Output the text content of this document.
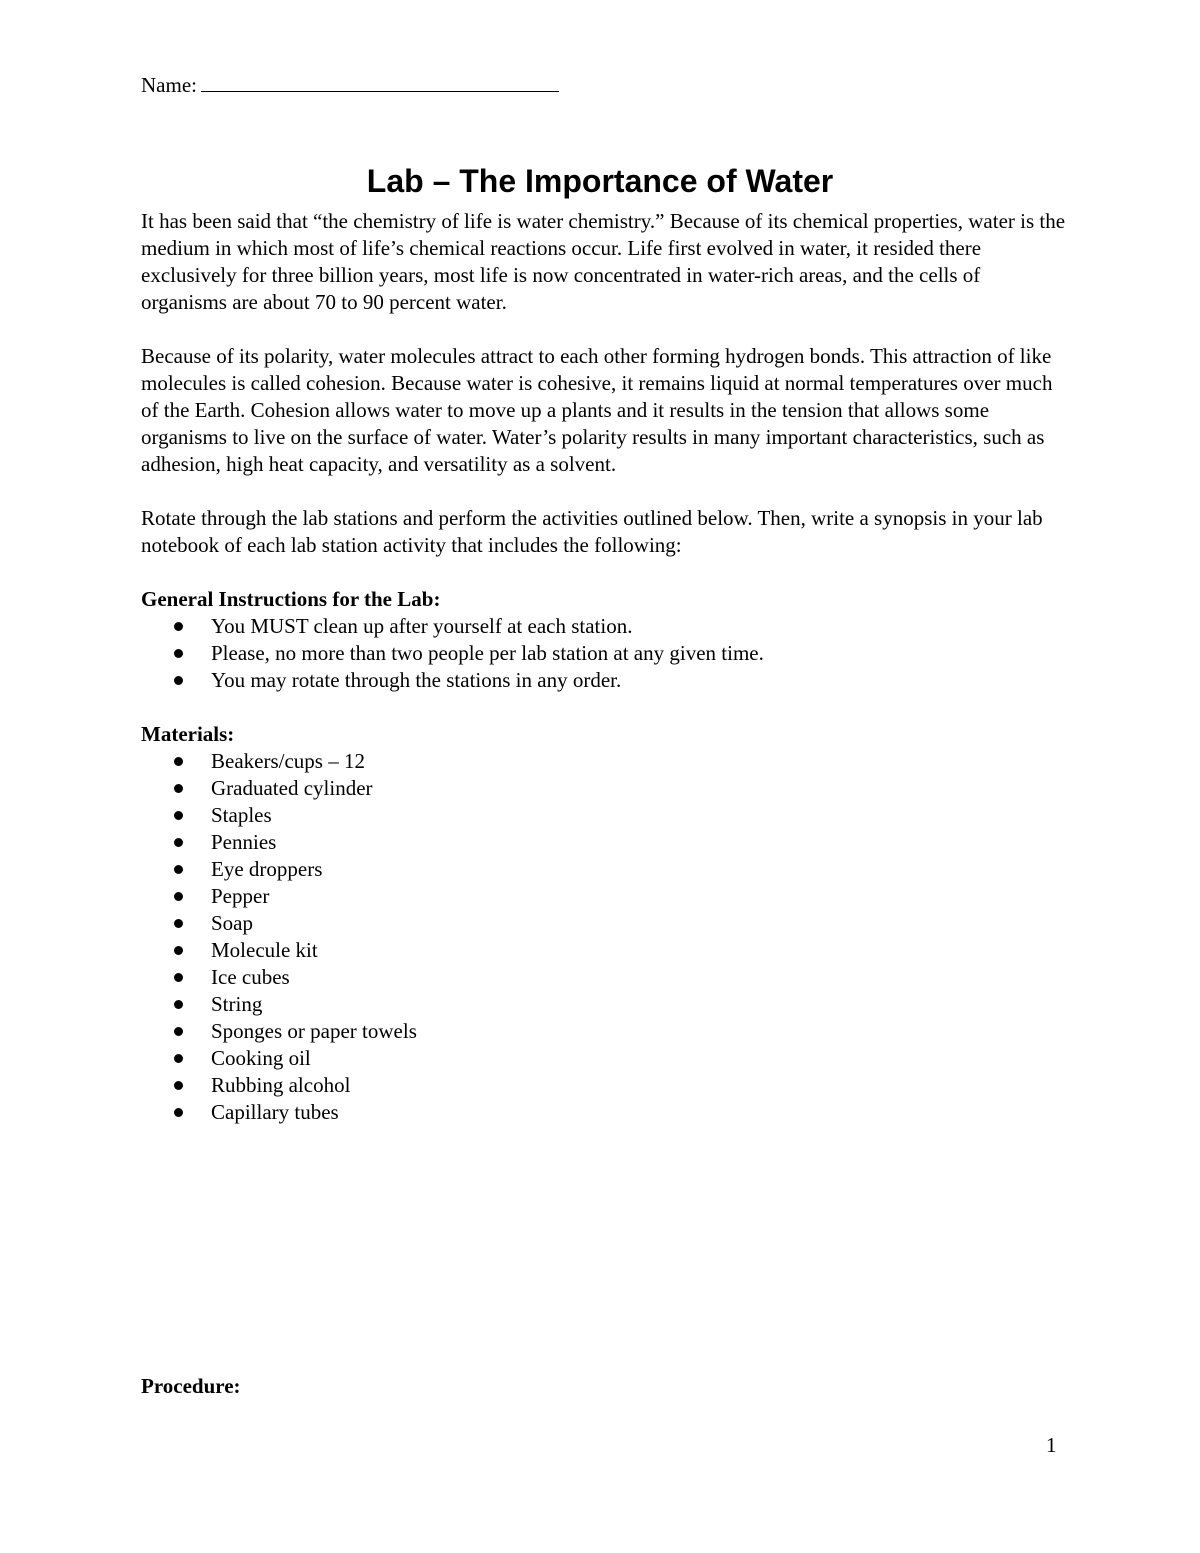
Name:
Lab – The Importance of Water

It has been said that “the chemistry of life is water chemistry.” Because of its chemical properties, water is the medium in which most of life’s chemical reactions occur. Life first evolved in water, it resided there exclusively for three billion years, most life is now concentrated in water-rich areas, and the cells of organisms are about 70 to 90 percent water.

Because of its polarity, water molecules attract to each other forming hydrogen bonds. This attraction of like molecules is called cohesion. Because water is cohesive, it remains liquid at normal temperatures over much of the Earth. Cohesion allows water to move up a plants and it results in the tension that allows some organisms to live on the surface of water. Water’s polarity results in many important characteristics, such as adhesion, high heat capacity, and versatility as a solvent.

Rotate through the lab stations and perform the activities outlined below. Then, write a synopsis in your lab notebook of each lab station activity that includes the following:

General Instructions for the Lab:
You MUST clean up after yourself at each station.
Please, no more than two people per lab station at any given time.
You may rotate through the stations in any order.
Materials:
Beakers/cups – 12
Graduated cylinder
Staples
Pennies
Eye droppers
Pepper
Soap
Molecule kit
Ice cubes
String
Sponges or paper towels
Cooking oil
Rubbing alcohol
Capillary tubes
Procedure:
1
